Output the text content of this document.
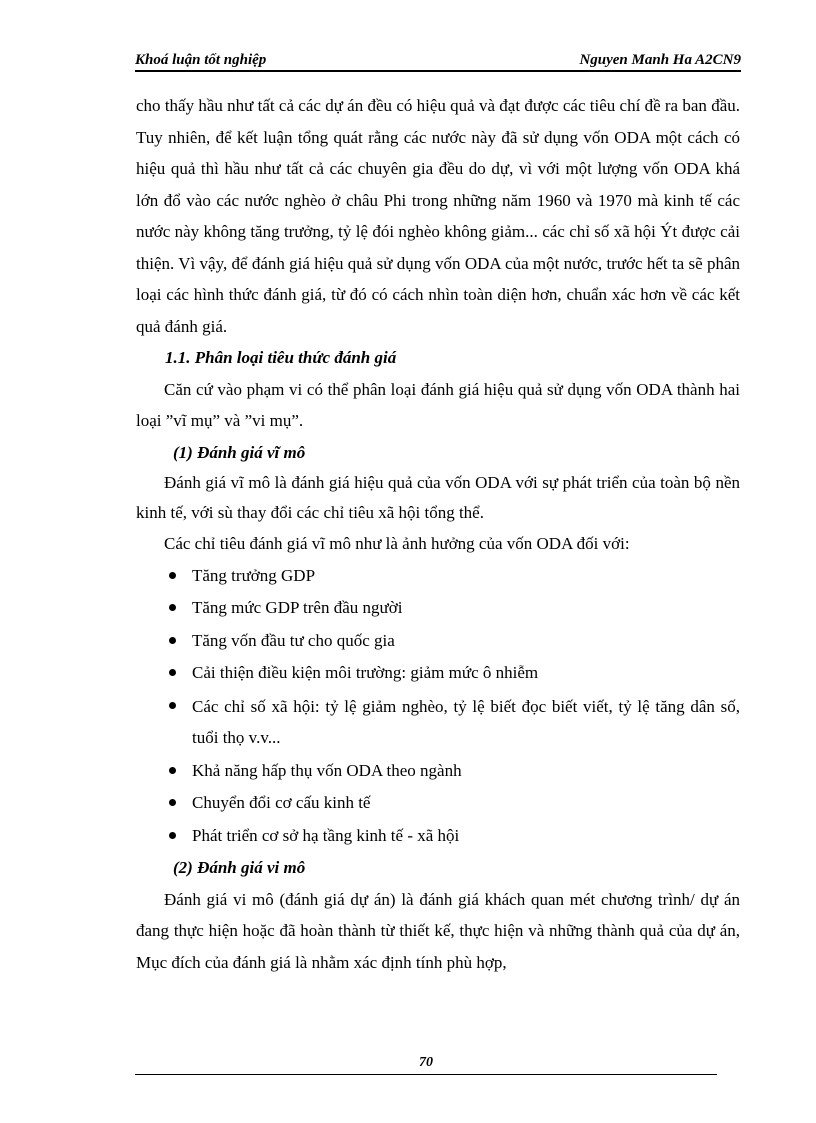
Khoá luận tốt nghiệp	Nguyen Manh Ha A2CN9

cho thấy hầu như tất cả các dự án đều có hiệu quả và đạt được các tiêu chí đề ra ban đầu. Tuy nhiên, để kết luận tổng quát rằng các nước này đã sử dụng vốn ODA một cách có hiệu quả thì hầu như tất cả các chuyên gia đều do dự, vì với một lượng vốn ODA khá lớn đổ vào các nước nghèo ở châu Phi trong những năm 1960 và 1970 mà kinh tế các nước này không tăng trưởng, tỷ lệ đói nghèo không giảm... các chỉ số xã hội Ýt được cải thiện. Vì vậy, để đánh giá hiệu quả sử dụng vốn ODA của một nước, trước hết ta sẽ phân loại các hình thức đánh giá, từ đó có cách nhìn toàn diện hơn, chuẩn xác hơn về các kết quả đánh giá.

1.1. Phân loại tiêu thức đánh giá

Căn cứ vào phạm vi có thể phân loại đánh giá hiệu quả sử dụng vốn ODA thành hai loại ”vĩ mụ” và ”vi mụ”.

(1) Đánh giá vĩ mô

Đánh giá vĩ mô là đánh giá hiệu quả của vốn ODA với sự phát triển của toàn bộ nền kinh tế, với sù thay đổi các chỉ tiêu xã hội tổng thể.

Các chỉ tiêu đánh giá vĩ mô như là ảnh hưởng của vốn ODA đối với:

Tăng trưởng GDP
Tăng mức GDP trên đầu người
Tăng vốn đầu tư cho quốc gia
Cải thiện điều kiện môi trường: giảm mức ô nhiễm
Các chỉ số xã hội: tỷ lệ giảm nghèo, tỷ lệ biết đọc biết viết, tỷ lệ tăng dân số, tuổi thọ v.v...
Khả năng hấp thụ vốn ODA theo ngành
Chuyển đổi cơ cấu kinh tế
Phát triển cơ sở hạ tầng kinh tế - xã hội

(2) Đánh giá vi mô

Đánh giá vi mô (đánh giá dự án) là đánh giá khách quan mét chương trình/ dự án đang thực hiện hoặc đã hoàn thành từ thiết kế, thực hiện và những thành quả của dự án, Mục đích của đánh giá là nhằm xác định tính phù hợp,

70
